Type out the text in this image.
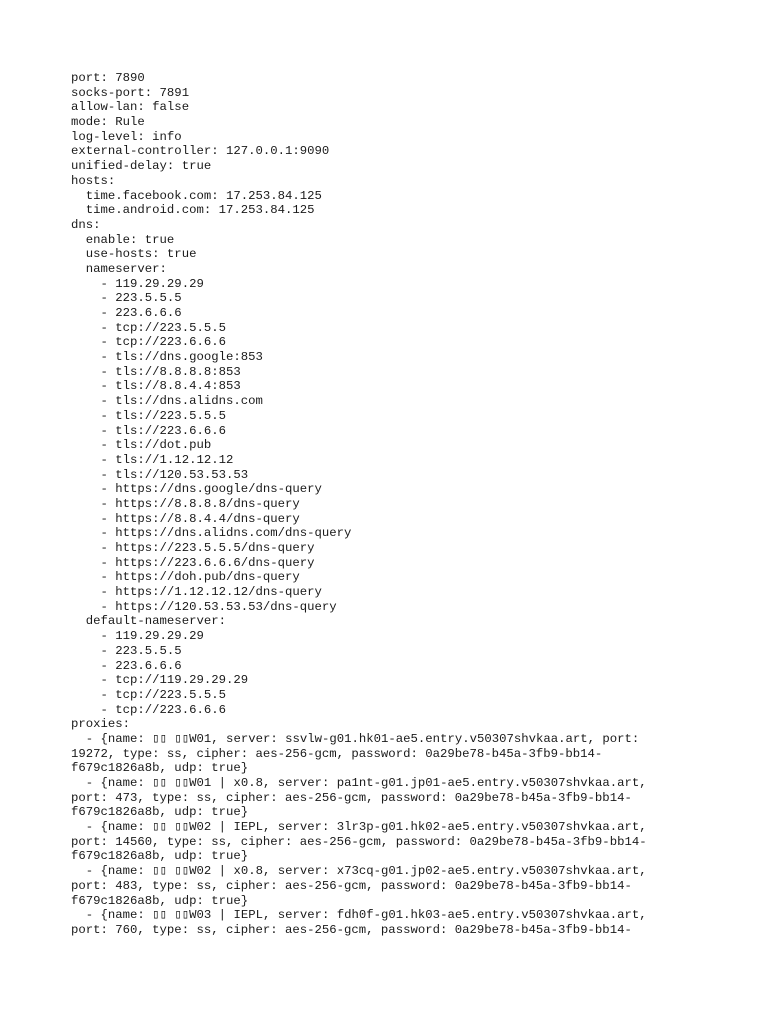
port: 7890
socks-port: 7891
allow-lan: false
mode: Rule
log-level: info
external-controller: 127.0.0.1:9090
unified-delay: true
hosts:
time.facebook.com: 17.253.84.125
time.android.com: 17.253.84.125
dns:
enable: true
use-hosts: true
nameserver:
- 119.29.29.29
- 223.5.5.5
- 223.6.6.6
- tcp://223.5.5.5
- tcp://223.6.6.6
- tls://dns.google:853
- tls://8.8.8.8:853
- tls://8.8.4.4:853
- tls://dns.alidns.com
- tls://223.5.5.5
- tls://223.6.6.6
- tls://dot.pub
- tls://1.12.12.12
- tls://120.53.53.53
- https://dns.google/dns-query
- https://8.8.8.8/dns-query
- https://8.8.4.4/dns-query
- https://dns.alidns.com/dns-query
- https://223.5.5.5/dns-query
- https://223.6.6.6/dns-query
- https://doh.pub/dns-query
- https://1.12.12.12/dns-query
- https://120.53.53.53/dns-query
default-nameserver:
- 119.29.29.29
- 223.5.5.5
- 223.6.6.6
- tcp://119.29.29.29
- tcp://223.5.5.5
- tcp://223.6.6.6
proxies:
- {name: ▯▯ ▯▯W01, server: ssvlw-g01.hk01-ae5.entry.v50307shvkaa.art, port:
19272, type: ss, cipher: aes-256-gcm, password: 0a29be78-b45a-3fb9-bb14-
f679c1826a8b, udp: true}
- {name: ▯▯ ▯▯W01 | x0.8, server: pa1nt-g01.jp01-ae5.entry.v50307shvkaa.art,
port: 473, type: ss, cipher: aes-256-gcm, password: 0a29be78-b45a-3fb9-bb14-
f679c1826a8b, udp: true}
- {name: ▯▯ ▯▯W02 | IEPL, server: 3lr3p-g01.hk02-ae5.entry.v50307shvkaa.art,
port: 14560, type: ss, cipher: aes-256-gcm, password: 0a29be78-b45a-3fb9-bb14-
f679c1826a8b, udp: true}
- {name: ▯▯ ▯▯W02 | x0.8, server: x73cq-g01.jp02-ae5.entry.v50307shvkaa.art,
port: 483, type: ss, cipher: aes-256-gcm, password: 0a29be78-b45a-3fb9-bb14-
f679c1826a8b, udp: true}
- {name: ▯▯ ▯▯W03 | IEPL, server: fdh0f-g01.hk03-ae5.entry.v50307shvkaa.art,
port: 760, type: ss, cipher: aes-256-gcm, password: 0a29be78-b45a-3fb9-bb14-
